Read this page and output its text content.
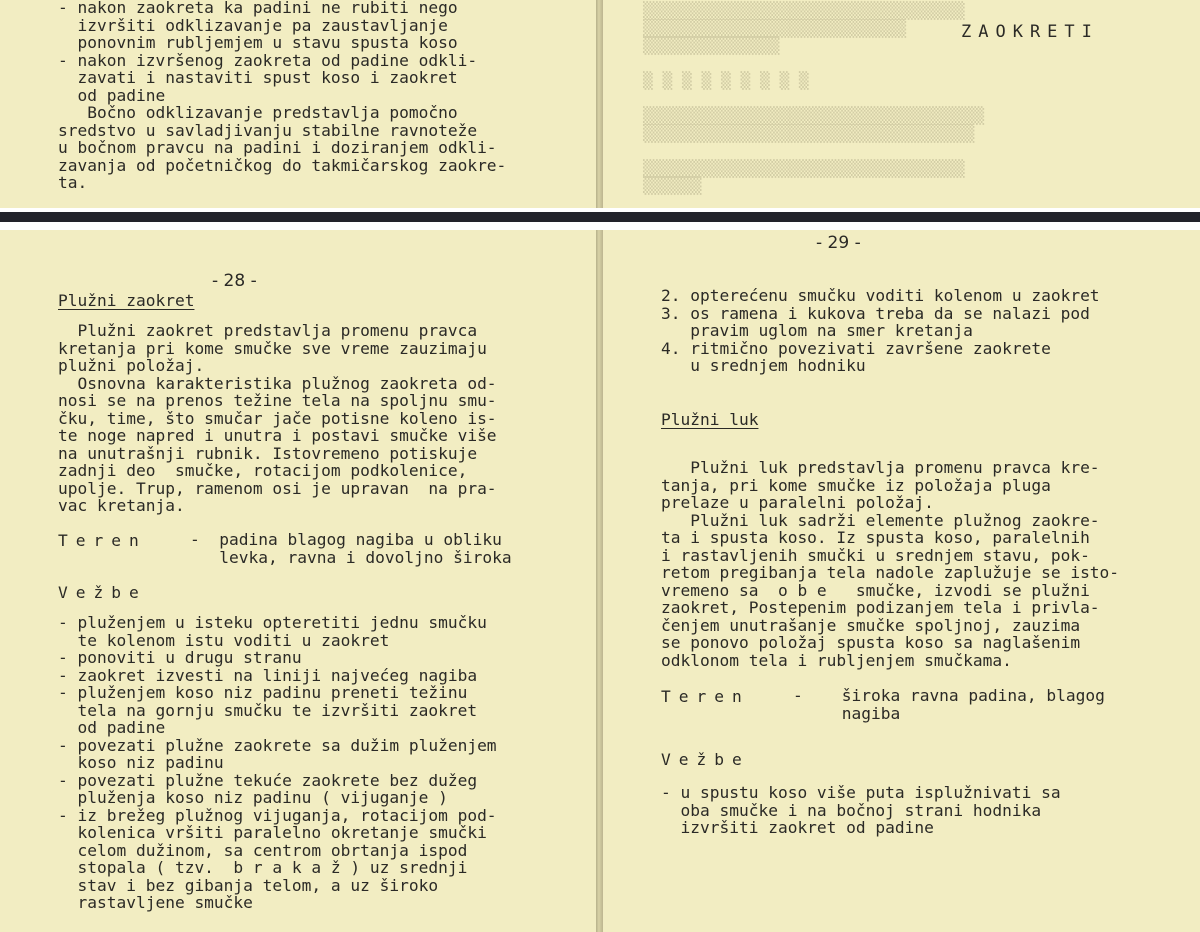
- nakon zaokreta ka padini ne rubiti nego
izvršiti odklizavanje pa zaustavljanje
ponovnim rubljemjem u stavu spusta koso
- nakon izvršenog zaokreta od padine odkli-
zavati i nastaviti spust koso i zaokret
od padine
Bočno odklizavanje predstavlja pomočno
sredstvo u savladjivanju stabilne ravnoteže
u bočnom pravcu na padini i doziranjem odkli-
zavanja od početničkog do takmičarskog zaokre-
ta.
▒▒▒▒▒▒▒▒▒▒▒▒▒▒▒▒▒▒▒▒▒▒▒▒▒▒▒▒▒▒▒▒▒
▒▒▒▒▒▒▒▒▒▒▒▒▒▒▒▒▒▒▒▒▒▒▒▒▒▒▒
▒▒▒▒▒▒▒▒▒▒▒▒▒▒

▒ ▒ ▒ ▒ ▒ ▒ ▒ ▒ ▒

▒▒▒▒▒▒▒▒▒▒▒▒▒▒▒▒▒▒▒▒▒▒▒▒▒▒▒▒▒▒▒▒▒▒▒
▒▒▒▒▒▒▒▒▒▒▒▒▒▒▒▒▒▒▒▒▒▒▒▒▒▒▒▒▒▒▒▒▒▒

▒▒▒▒▒▒▒▒▒▒▒▒▒▒▒▒▒▒▒▒▒▒▒▒▒▒▒▒▒▒▒▒▒
▒▒▒▒▒▒
ZAOKRETI
- 28 -
Plužni zaokret
Plužni zaokret predstavlja promenu pravca
kretanja pri kome smučke sve vreme zauzimaju
plužni položaj.
Osnovna karakteristika plužnog zaokreta od-
nosi se na prenos težine tela na spoljnu smu-
čku, time, što smučar jače potisne koleno is-
te noge napred i unutra i postavi smučke više
na unutrašnji rubnik. Istovremeno potiskuje
zadnji deo  smučke, rotacijom podkolenice,
upolje. Trup, ramenom osi je upravan  na pra-
vac kretanja.
Teren	-  padina blagog nagiba u obliku
levka, ravna i dovoljno široka
Vežbe
- pluženjem u isteku opteretiti jednu smučku
te kolenom istu voditi u zaokret
- ponoviti u drugu stranu
- zaokret izvesti na liniji najvećeg nagiba
- pluženjem koso niz padinu preneti težinu
tela na gornju smučku te izvršiti zaokret
od padine
- povezati plužne zaokrete sa dužim pluženjem
koso niz padinu
- povezati plužne tekuće zaokrete bez dužeg
pluženja koso niz padinu ( vijuganje )
- iz brežeg plužnog vijuganja, rotacijom pod-
kolenica vršiti paralelno okretanje smučki
celom dužinom, sa centrom obrtanja ispod
stopala ( tzv.  b r a k a ž ) uz srednji
stav i bez gibanja telom, a uz široko
rastavljene smučke
- 29 -
2. opterećenu smučku voditi kolenom u zaokret
3. os ramena i kukova treba da se nalazi pod
pravim uglom na smer kretanja
4. ritmično povezivati završene zaokrete
u srednjem hodniku
Plužni luk
Plužni luk predstavlja promenu pravca kre-
tanja, pri kome smučke iz položaja pluga
prelaze u paralelni položaj.
Plužni luk sadrži elemente plužnog zaokre-
ta i spusta koso. Iz spusta koso, paralelnih
i rastavljenih smučki u srednjem stavu, pok-
retom pregibanja tela nadole zaplužuje se isto-
vremeno sa  o b e   smučke, izvodi se plužni
zaokret, Postepenim podizanjem tela i privla-
čenjem unutrašanje smučke spoljnoj, zauzima
se ponovo položaj spusta koso sa naglašenim
odklonom tela i rubljenjem smučkama.
Teren	-    široka ravna padina, blagog
nagiba
Vežbe
- u spustu koso više puta isplužnivati sa
oba smučke i na bočnoj strani hodnika
izvršiti zaokret od padine
